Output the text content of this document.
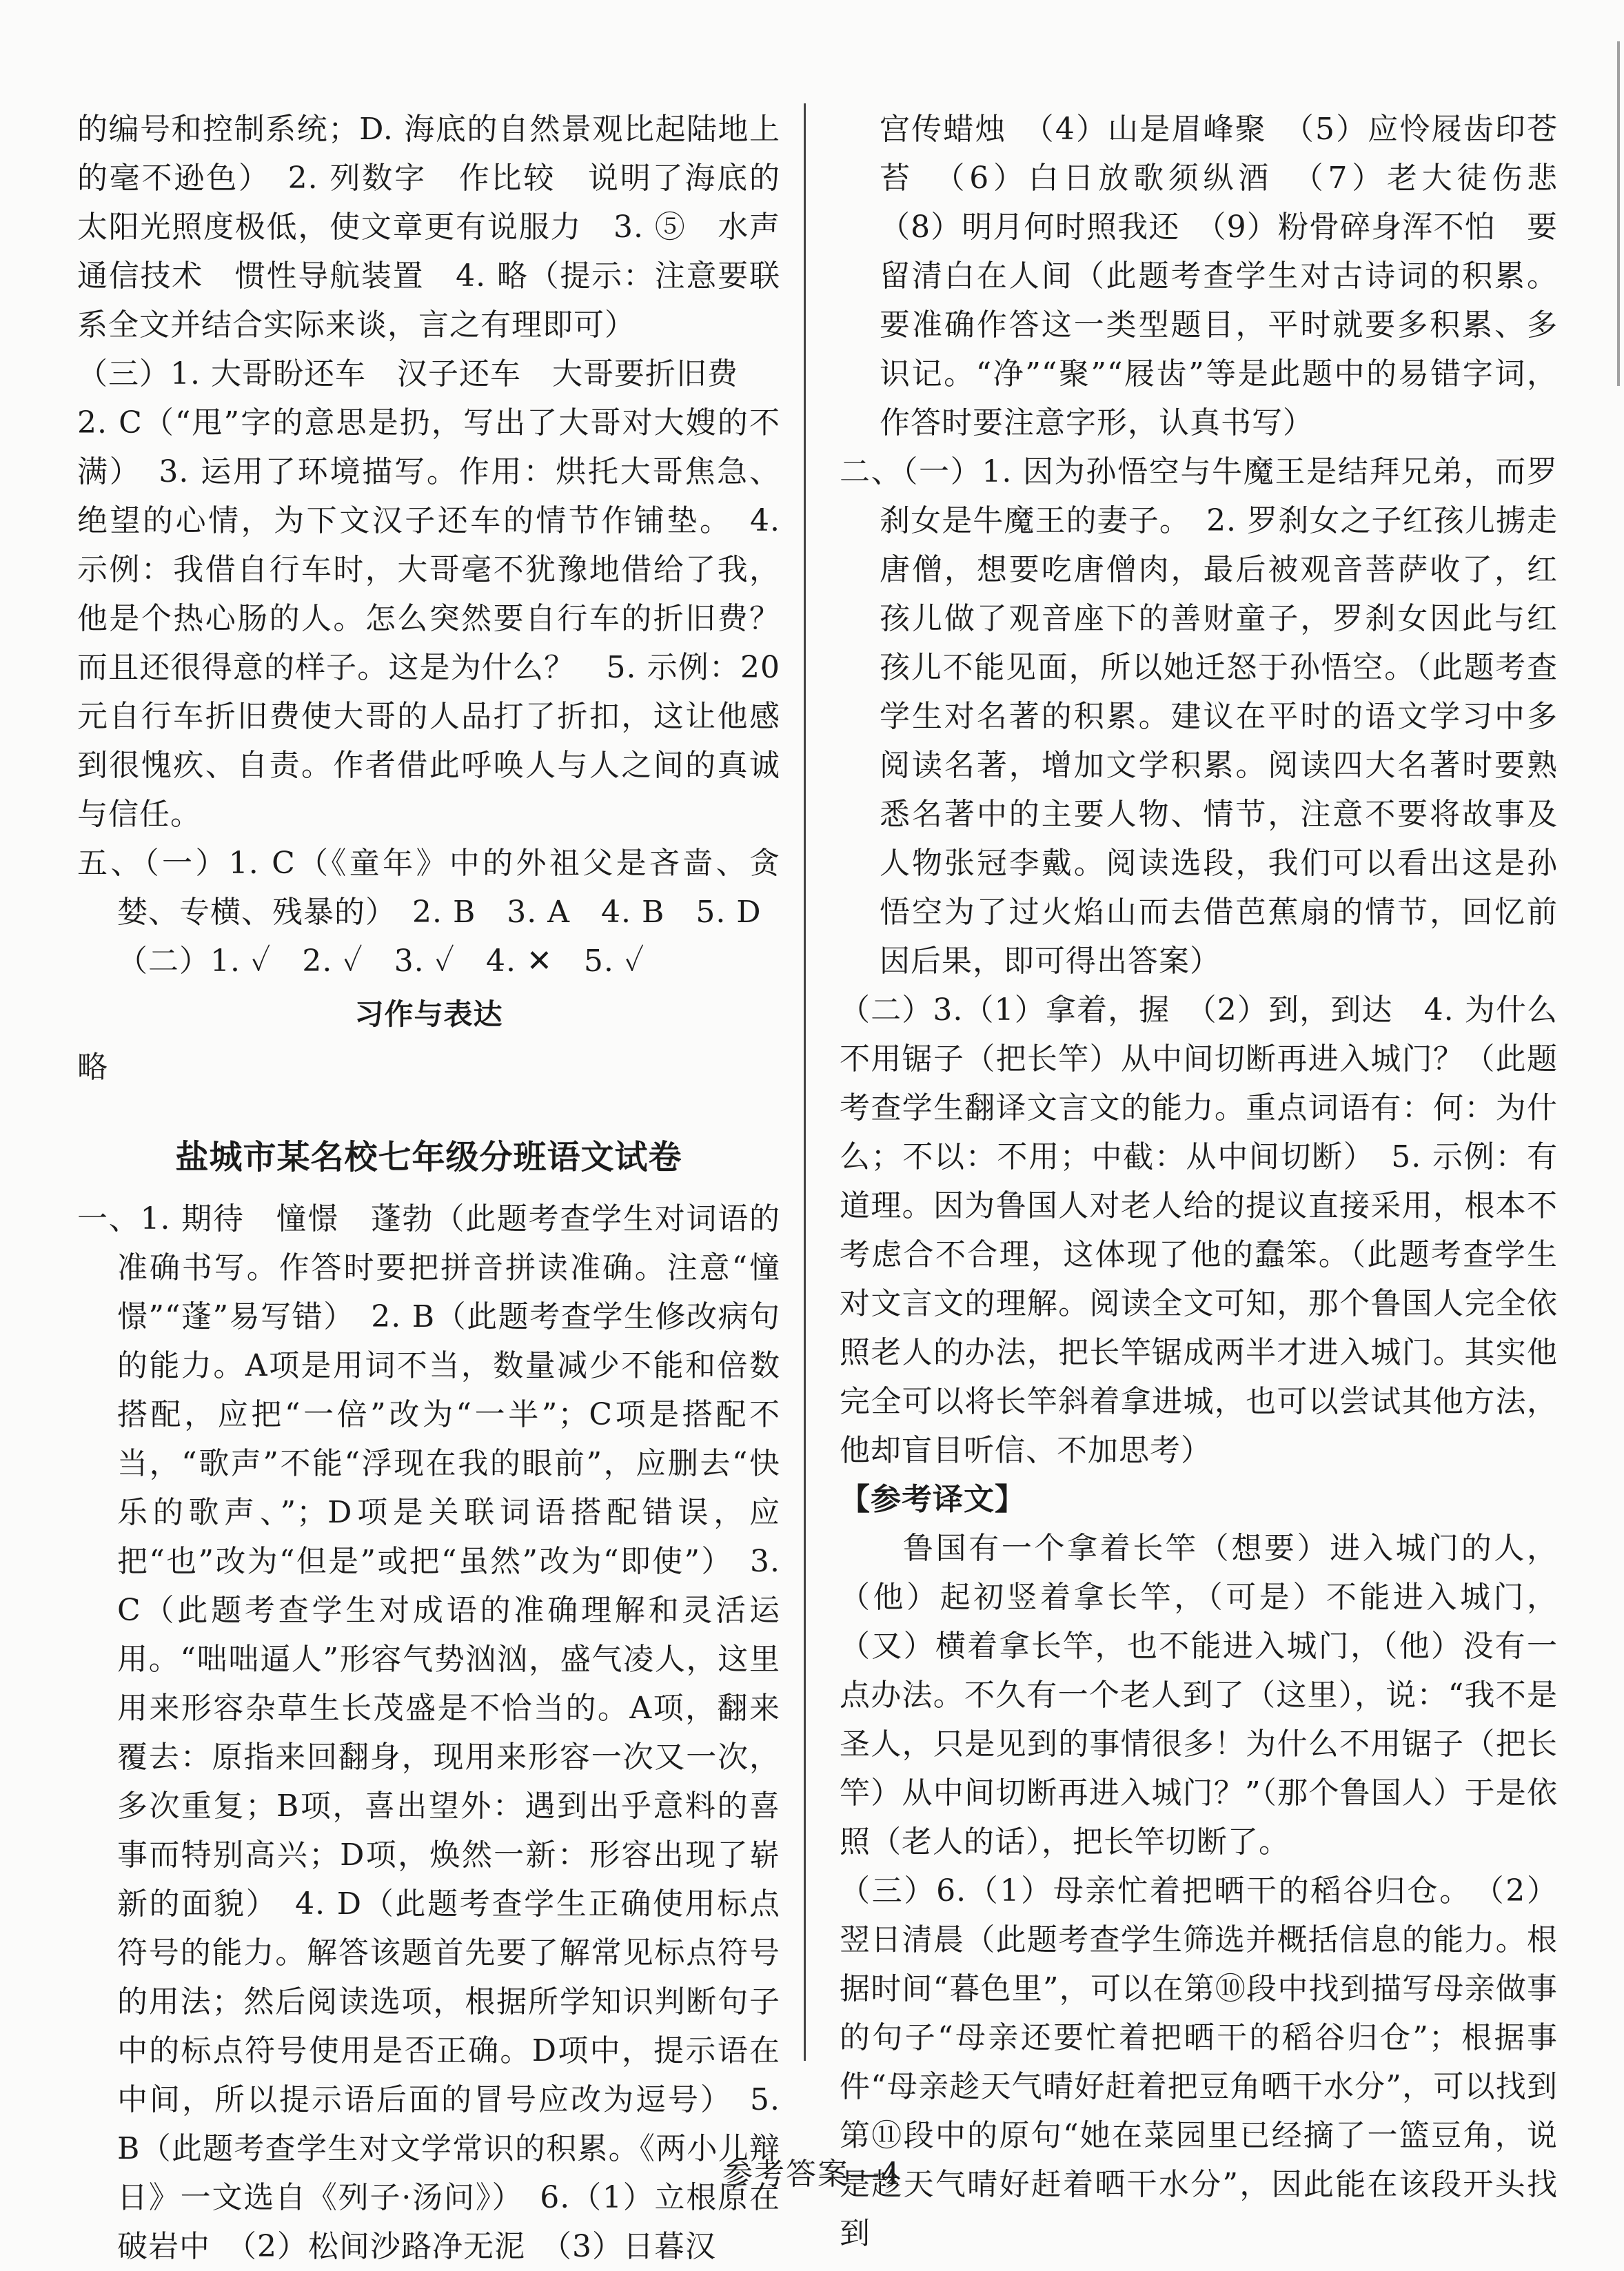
的编号和控制系统；D. 海底的自然景观比起陆地上的毫不逊色）　2. 列数字　作比较　说明了海底的太阳光照度极低，使文章更有说服力　3. ⑤　水声通信技术　惯性导航装置　4. 略（提示：注意要联系全文并结合实际来谈，言之有理即可）

（三）1. 大哥盼还车　汉子还车　大哥要折旧费

2. C（“甩”字的意思是扔，写出了大哥对大嫂的不满）　3. 运用了环境描写。作用：烘托大哥焦急、绝望的心情，为下文汉子还车的情节作铺垫。　4. 示例：我借自行车时，大哥毫不犹豫地借给了我，他是个热心肠的人。怎么突然要自行车的折旧费？而且还很得意的样子。这是为什么？　5. 示例：20元自行车折旧费使大哥的人品打了折扣，这让他感到很愧疚、自责。作者借此呼唤人与人之间的真诚与信任。

五、（一）1. C（《童年》中的外祖父是吝啬、贪婪、专横、残暴的）　2. B　3. A　4. B　5. D

（二）1. ✓　2. ✓　3. ✓　4. ✕　5. ✓

习作与表达

略

盐城市某名校七年级分班语文试卷

一、1. 期待　憧憬　蓬勃（此题考查学生对词语的准确书写。作答时要把拼音拼读准确。注意“憧憬”“蓬”易写错）　2. B（此题考查学生修改病句的能力。A项是用词不当，数量减少不能和倍数搭配，应把“一倍”改为“一半”；C项是搭配不当，“歌声”不能“浮现在我的眼前”，应删去“快乐的歌声、”；D项是关联词语搭配错误，应把“也”改为“但是”或把“虽然”改为“即使”）　3. C（此题考查学生对成语的准确理解和灵活运用。“咄咄逼人”形容气势汹汹，盛气凌人，这里用来形容杂草生长茂盛是不恰当的。A项，翻来覆去：原指来回翻身，现用来形容一次又一次，多次重复；B项，喜出望外：遇到出乎意料的喜事而特别高兴；D项，焕然一新：形容出现了崭新的面貌）　4. D（此题考查学生正确使用标点符号的能力。解答该题首先要了解常见标点符号的用法；然后阅读选项，根据所学知识判断句子中的标点符号使用是否正确。D项中，提示语在中间，所以提示语后面的冒号应改为逗号）　5. B（此题考查学生对文学常识的积累。《两小儿辩日》一文选自《列子·汤问》）　6.（1）立根原在破岩中　（2）松间沙路净无泥　（3）日暮汉

宫传蜡烛　（4）山是眉峰聚　（5）应怜屐齿印苍苔　（6）白日放歌须纵酒　（7）老大徒伤悲　（8）明月何时照我还　（9）粉骨碎身浑不怕　要留清白在人间（此题考查学生对古诗词的积累。要准确作答这一类型题目，平时就要多积累、多识记。“净”“聚”“屐齿”等是此题中的易错字词，作答时要注意字形，认真书写）

二、（一）1. 因为孙悟空与牛魔王是结拜兄弟，而罗刹女是牛魔王的妻子。　2. 罗刹女之子红孩儿掳走唐僧，想要吃唐僧肉，最后被观音菩萨收了，红孩儿做了观音座下的善财童子，罗刹女因此与红孩儿不能见面，所以她迁怒于孙悟空。（此题考查学生对名著的积累。建议在平时的语文学习中多阅读名著，增加文学积累。阅读四大名著时要熟悉名著中的主要人物、情节，注意不要将故事及人物张冠李戴。阅读选段，我们可以看出这是孙悟空为了过火焰山而去借芭蕉扇的情节，回忆前因后果，即可得出答案）

（二）3.（1）拿着，握　（2）到，到达　4. 为什么不用锯子（把长竿）从中间切断再进入城门？（此题考查学生翻译文言文的能力。重点词语有：何：为什么；不以：不用；中截：从中间切断）　5. 示例：有道理。因为鲁国人对老人给的提议直接采用，根本不考虑合不合理，这体现了他的蠢笨。（此题考查学生对文言文的理解。阅读全文可知，那个鲁国人完全依照老人的办法，把长竿锯成两半才进入城门。其实他完全可以将长竿斜着拿进城，也可以尝试其他方法，他却盲目听信、不加思考）

【参考译文】

鲁国有一个拿着长竿（想要）进入城门的人，（他）起初竖着拿长竿，（可是）不能进入城门，（又）横着拿长竿，也不能进入城门，（他）没有一点办法。不久有一个老人到了（这里），说：“我不是圣人，只是见到的事情很多！为什么不用锯子（把长竿）从中间切断再进入城门？”（那个鲁国人）于是依照（老人的话），把长竿切断了。

（三）6.（1）母亲忙着把晒干的稻谷归仓。　（2）翌日清晨（此题考查学生筛选并概括信息的能力。根据时间“暮色里”，可以在第⑩段中找到描写母亲做事的句子“母亲还要忙着把晒干的稻谷归仓”；根据事件“母亲趁天气晴好赶着把豆角晒干水分”，可以找到第⑪段中的原句“她在菜园里已经摘了一篮豆角，说是趁天气晴好赶着晒干水分”，因此能在该段开头找到

参考答案—4
